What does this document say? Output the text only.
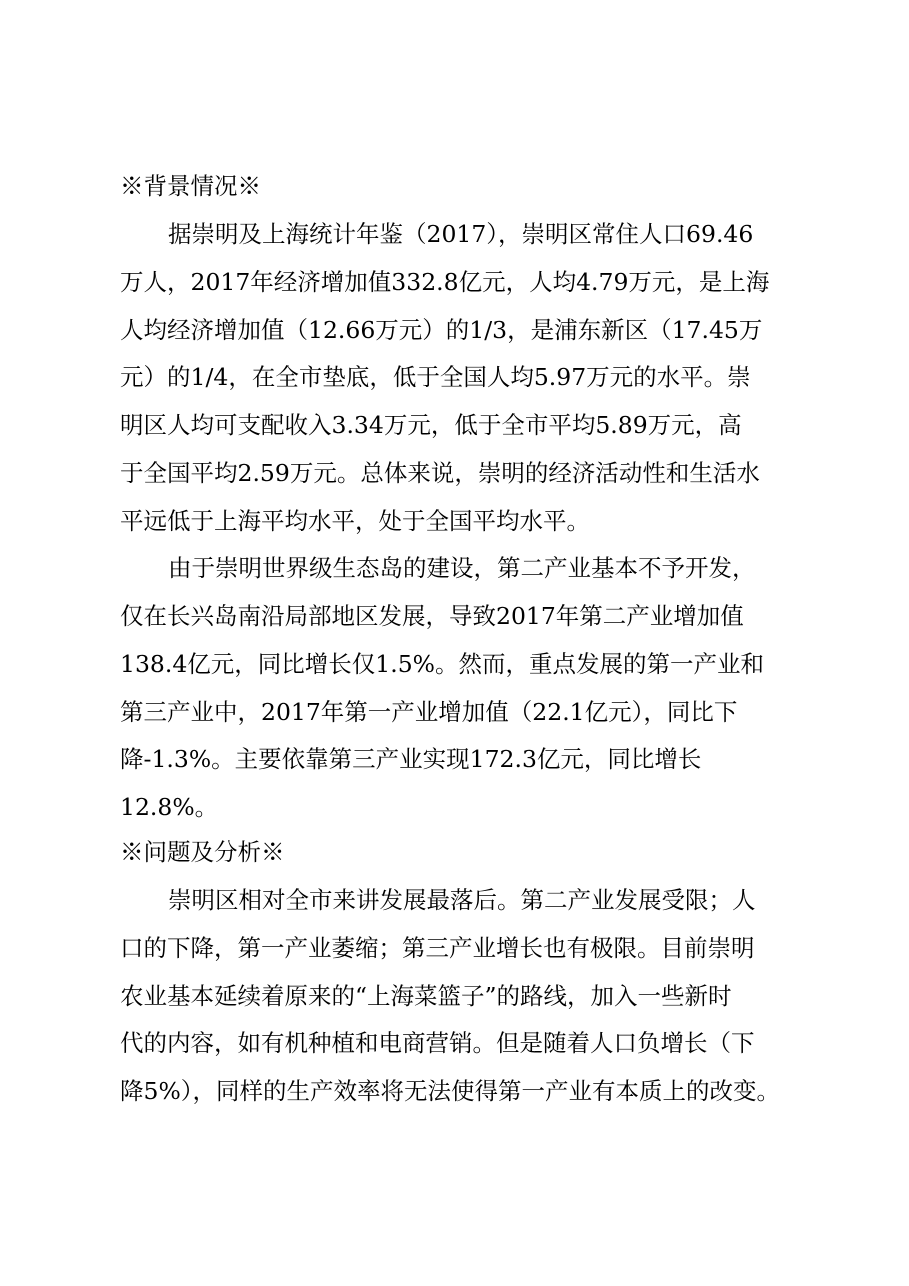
※背景情况※
据崇明及上海统计年鉴（2017），崇明区常住人口69.46
万人，2017年经济增加值332.8亿元，人均4.79万元，是上海
人均经济增加值（12.66万元）的1/3，是浦东新区（17.45万
元）的1/4，在全市垫底，低于全国人均5.97万元的水平。崇
明区人均可支配收入3.34万元，低于全市平均5.89万元，高
于全国平均2.59万元。总体来说，崇明的经济活动性和生活水
平远低于上海平均水平，处于全国平均水平。
由于崇明世界级生态岛的建设，第二产业基本不予开发，
仅在长兴岛南沿局部地区发展，导致2017年第二产业增加值
138.4亿元，同比增长仅1.5%。然而，重点发展的第一产业和
第三产业中，2017年第一产业增加值（22.1亿元），同比下
降-1.3%。主要依靠第三产业实现172.3亿元，同比增长
12.8%。
※问题及分析※
崇明区相对全市来讲发展最落后。第二产业发展受限；人
口的下降，第一产业萎缩；第三产业增长也有极限。目前崇明
农业基本延续着原来的“上海菜篮子”的路线，加入一些新时
代的内容，如有机种植和电商营销。但是随着人口负增长（下
降5%），同样的生产效率将无法使得第一产业有本质上的改变。
